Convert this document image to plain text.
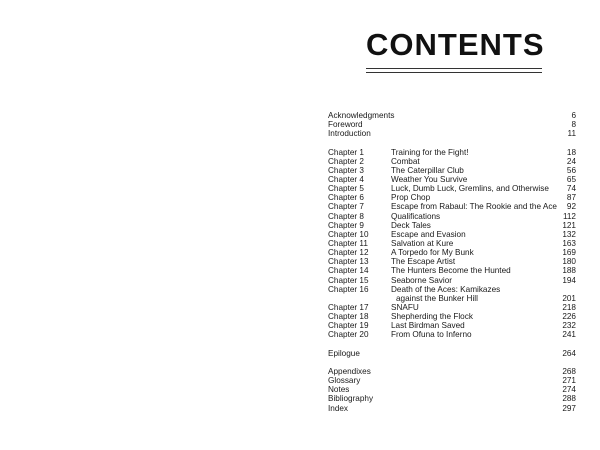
CONTENTS
Acknowledgments	6
Foreword	8
Introduction	11
Chapter 1	Training for the Fight!	18
Chapter 2	Combat	24
Chapter 3	The Caterpillar Club	56
Chapter 4	Weather You Survive	65
Chapter 5	Luck, Dumb Luck, Gremlins, and Otherwise 74
Chapter 6	Prop Chop	87
Chapter 7	Escape from Rabaul: The Rookie and the Ace 92
Chapter 8	Qualifications	112
Chapter 9	Deck Tales	121
Chapter 10	Escape and Evasion	132
Chapter 11	Salvation at Kure	163
Chapter 12	A Torpedo for My Bunk	169
Chapter 13	The Escape Artist	180
Chapter 14	The Hunters Become the Hunted	188
Chapter 15	Seaborne Savior	194
Chapter 16	Death of the Aces: Kamikazes
against the Bunker Hill	201
Chapter 17	SNAFU	218
Chapter 18	Shepherding the Flock	226
Chapter 19	Last Birdman Saved	232
Chapter 20	From Ofuna to Inferno	241
Epilogue	264
Appendixes	268
Glossary	271
Notes	274
Bibliography	288
Index	297
